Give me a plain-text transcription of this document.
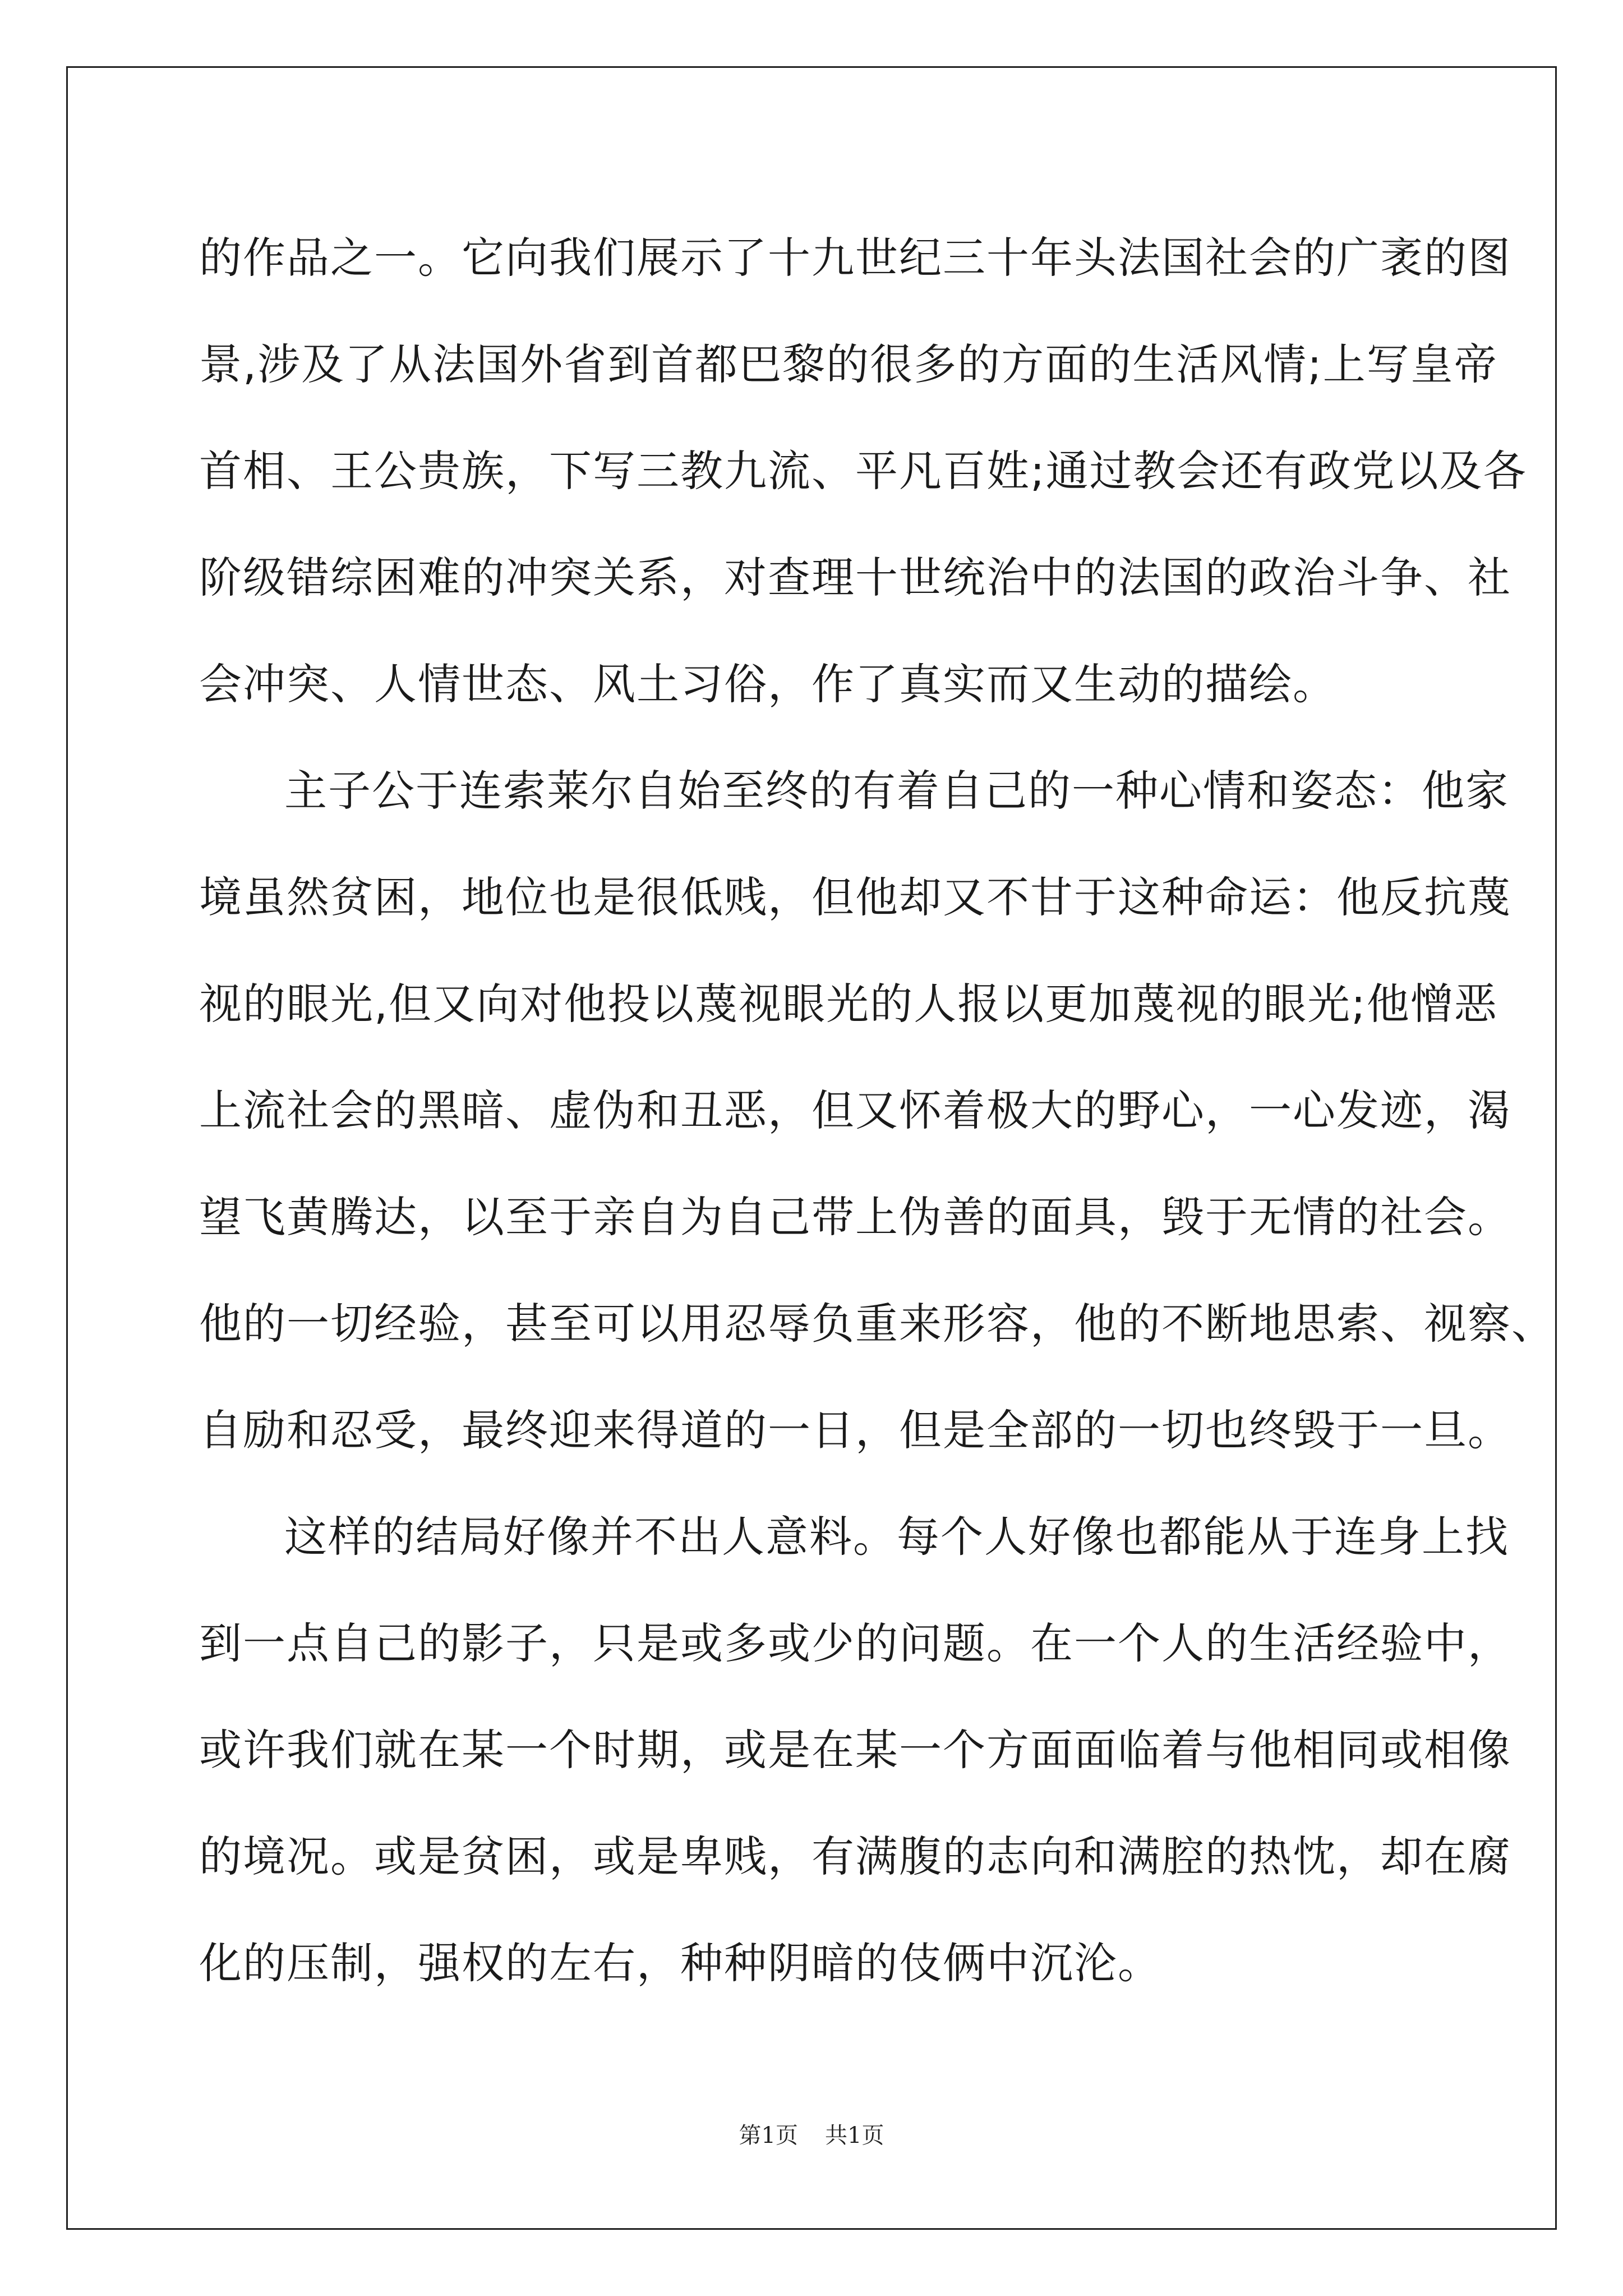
的作品之一。它向我们展示了十九世纪三十年头法国社会的广袤的图
景,涉及了从法国外省到首都巴黎的很多的方面的生活风情;上写皇帝
首相、王公贵族，下写三教九流、平凡百姓;通过教会还有政党以及各
阶级错综困难的冲突关系，对查理十世统治中的法国的政治斗争、社
会冲突、人情世态、风土习俗，作了真实而又生动的描绘。
主子公于连索莱尔自始至终的有着自己的一种心情和姿态：他家
境虽然贫困，地位也是很低贱，但他却又不甘于这种命运：他反抗蔑
视的眼光,但又向对他投以蔑视眼光的人报以更加蔑视的眼光;他憎恶
上流社会的黑暗、虚伪和丑恶，但又怀着极大的野心，一心发迹，渴
望飞黄腾达，以至于亲自为自己带上伪善的面具，毁于无情的社会。
他的一切经验，甚至可以用忍辱负重来形容，他的不断地思索、视察、
自励和忍受，最终迎来得道的一日，但是全部的一切也终毁于一旦。
这样的结局好像并不出人意料。每个人好像也都能从于连身上找
到一点自己的影子，只是或多或少的问题。在一个人的生活经验中，
或许我们就在某一个时期，或是在某一个方面面临着与他相同或相像
的境况。或是贫困，或是卑贱，有满腹的志向和满腔的热忱，却在腐
化的压制，强权的左右，种种阴暗的伎俩中沉沦。
第1页 共1页
